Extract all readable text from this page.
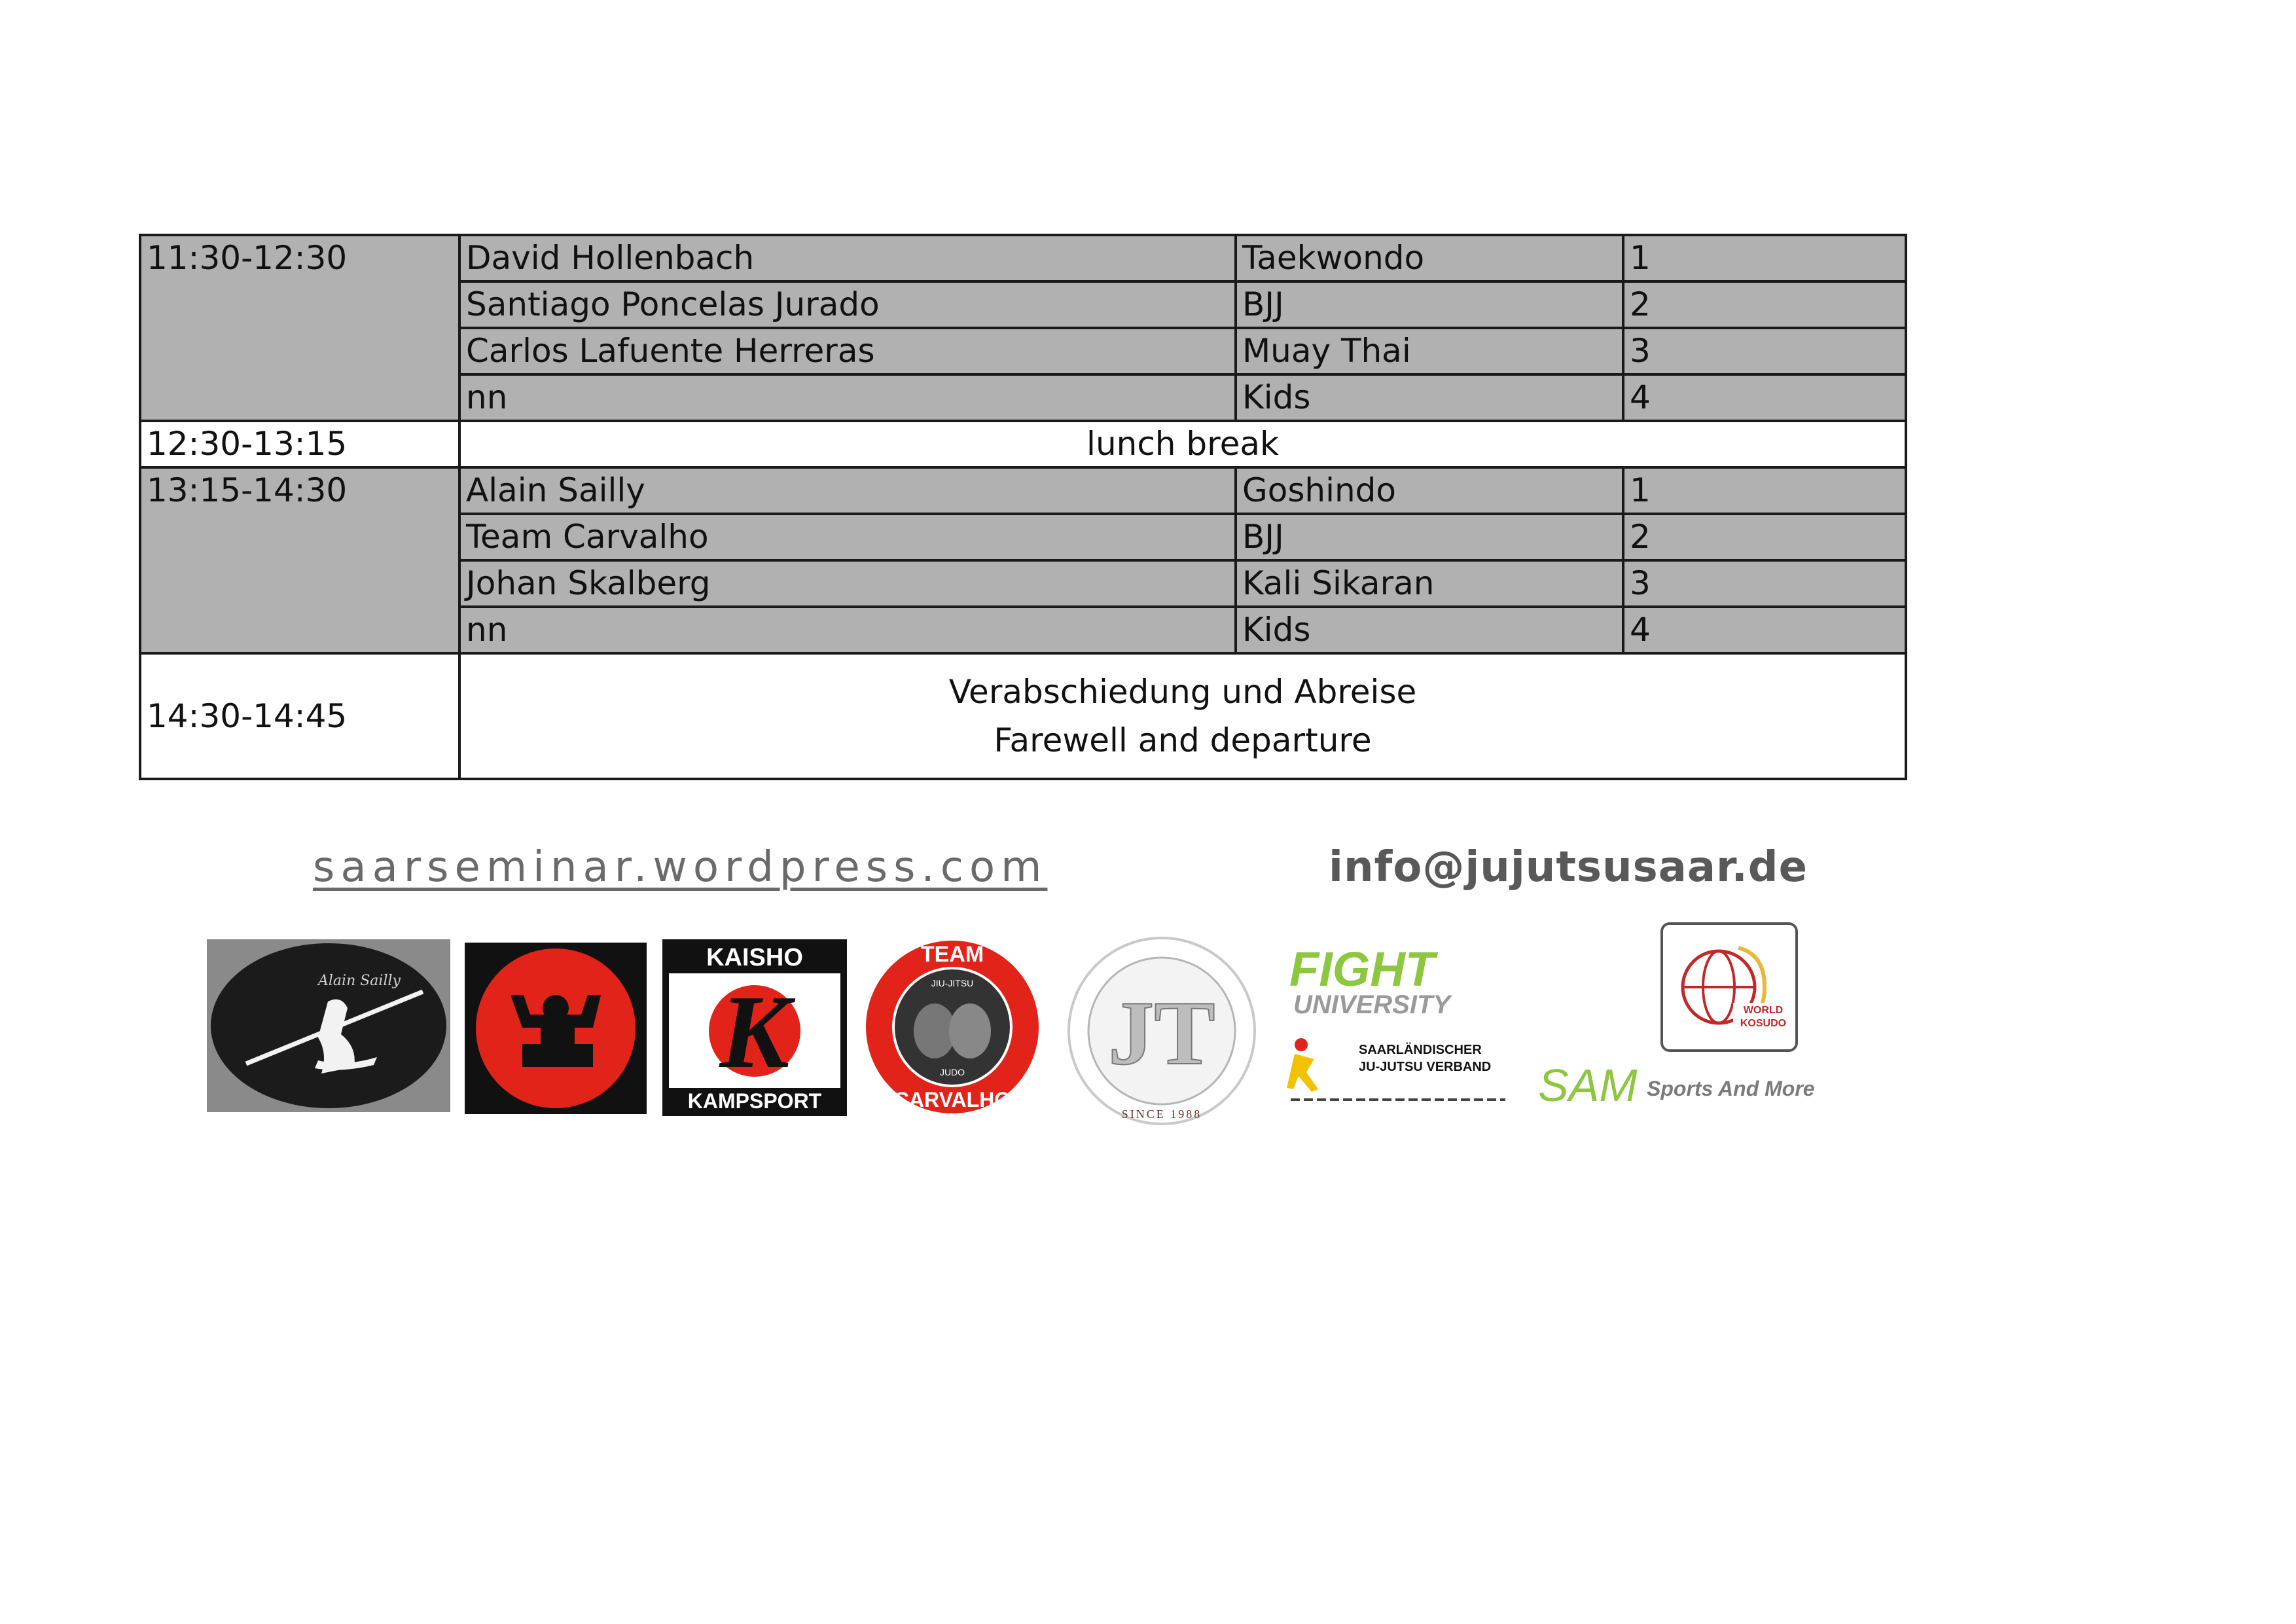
11:30-12:30	David Hollenbach	Taekwondo	1
	Santiago Poncelas Jurado	BJJ	2
	Carlos Lafuente Herreras	Muay Thai	3
	nn	Kids	4
12:30-13:15	lunch break		
13:15-14:30	Alain Sailly	Goshindo	1
	Team Carvalho	BJJ	2
	Johan Skalberg	Kali Sikaran	3
	nn	Kids	4
14:30-14:45	Verabschiedung und Abreise
Farewell and departure		
saarseminar.wordpress.com	info@jujutsusaar.de
Alain Sailly
KAISHO
K
KAMPSPORT
TEAM
CARVALHO
JIU-JITSU
JUDO JT
SINCE 1988
FIGHT
UNIVERSITY
SAARLÄNDISCHER
JU-JUTSU VERBAND
WORLD
KOSUDO
SAM Sports And More
